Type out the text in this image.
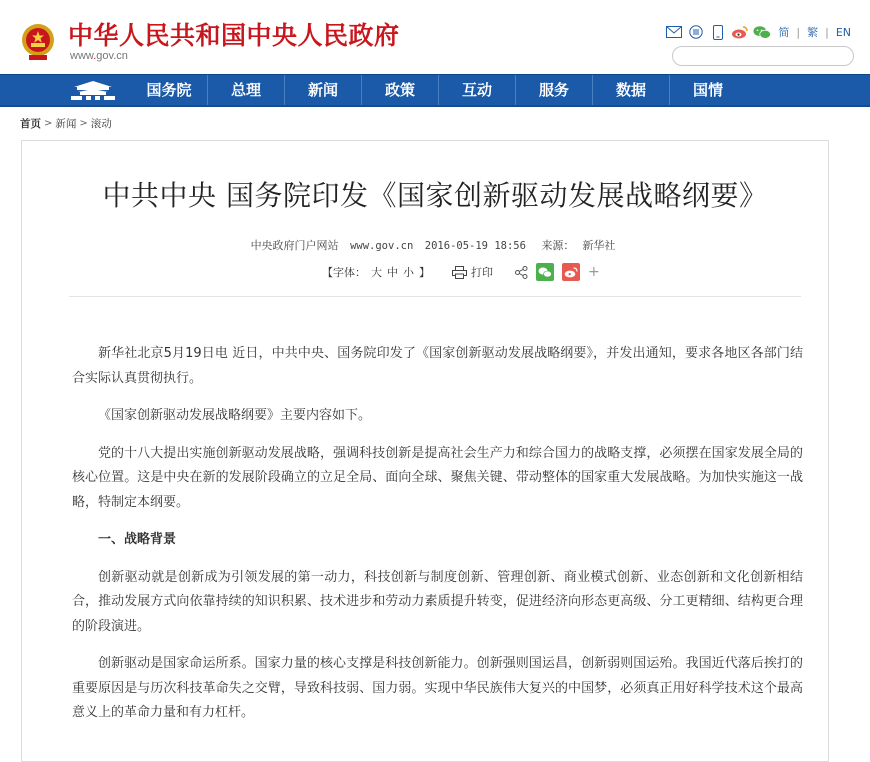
中华人民共和国中央人民政府
www.gov.cn
简 | 繁 | EN
国务院	总理	新闻	政策	互动	服务	数据	国情
首页 > 新闻 > 滚动
中共中央 国务院印发《国家创新驱动发展战略纲要》
中央政府门户网站 www.gov.cn 2016-05-19 18:56 来源： 新华社
【字体： 大 中 小 】	打印	+

新华社北京5月19日电 近日，中共中央、国务院印发了《国家创新驱动发展战略纲要》，并发出通知，要求各地区各部门结合实际认真贯彻执行。

《国家创新驱动发展战略纲要》主要内容如下。

党的十八大提出实施创新驱动发展战略，强调科技创新是提高社会生产力和综合国力的战略支撑，必须摆在国家发展全局的核心位置。这是中央在新的发展阶段确立的立足全局、面向全球、聚焦关键、带动整体的国家重大发展战略。为加快实施这一战略，特制定本纲要。

一、战略背景

创新驱动就是创新成为引领发展的第一动力，科技创新与制度创新、管理创新、商业模式创新、业态创新和文化创新相结合，推动发展方式向依靠持续的知识积累、技术进步和劳动力素质提升转变，促进经济向形态更高级、分工更精细、结构更合理的阶段演进。

创新驱动是国家命运所系。国家力量的核心支撑是科技创新能力。创新强则国运昌，创新弱则国运殆。我国近代落后挨打的重要原因是与历次科技革命失之交臂，导致科技弱、国力弱。实现中华民族伟大复兴的中国梦，必须真正用好科学技术这个最高意义上的革命力量和有力杠杆。
